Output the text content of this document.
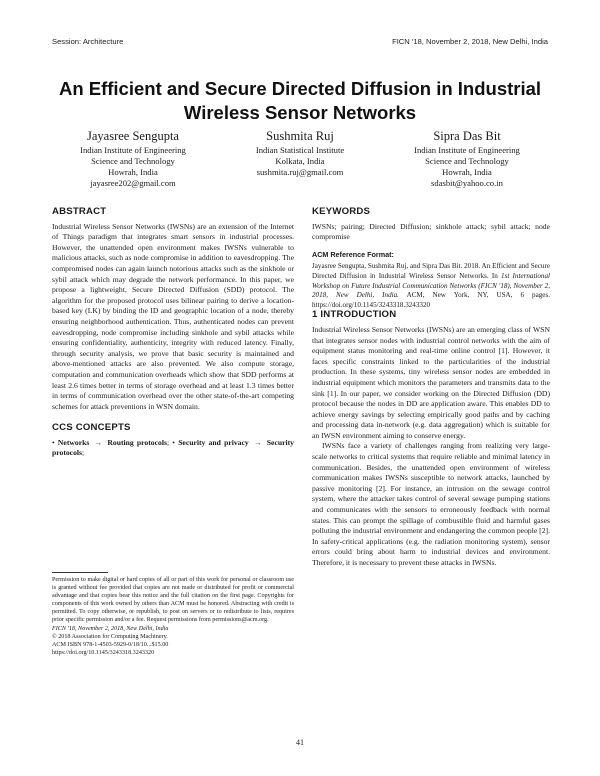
Session: Architecture	FICN '18, November 2, 2018, New Delhi, India
An Efficient and Secure Directed Diffusion in Industrial Wireless Sensor Networks
Jayasree Sengupta
Indian Institute of Engineering
Science and Technology
Howrah, India
jayasree202@gmail.com
Sushmita Ruj
Indian Statistical Institute
Kolkata, India
sushmita.ruj@gmail.com
Sipra Das Bit
Indian Institute of Engineering
Science and Technology
Howrah, India
sdasbit@yahoo.co.in
ABSTRACT

Industrial Wireless Sensor Networks (IWSNs) are an extension of the Internet of Things paradigm that integrates smart sensors in industrial processes. However, the unattended open environment makes IWSNs vulnerable to malicious attacks, such as node compromise in addition to eavesdropping. The compromised nodes can again launch notorious attacks such as the sinkhole or sybil attack which may degrade the network performance. In this paper, we propose a lightweight, Secure Directed Diffusion (SDD) protocol. The algorithm for the proposed protocol uses bilinear pairing to derive a location-based key (LK) by binding the ID and geographic location of a node, thereby ensuring neighborhood authentication. Thus, authenticated nodes can prevent eavesdropping, node compromise including sinkhole and sybil attacks while ensuring confidentiality, authenticity, integrity with reduced latency. Finally, through security analysis, we prove that basic security is maintained and above-mentioned attacks are also prevented. We also compute storage, computation and communication overheads which show that SDD performs at least 2.6 times better in terms of storage overhead and at least 1.3 times better in terms of communication overhead over the other state-of-the-art competing schemes for attack preventions in WSN domain.

CCS CONCEPTS

• Networks → Routing protocols; • Security and privacy → Security protocols;

Permission to make digital or hard copies of all or part of this work for personal or classroom use is granted without fee provided that copies are not made or distributed for profit or commercial advantage and that copies bear this notice and the full citation on the first page. Copyrights for components of this work owned by others than ACM must be honored. Abstracting with credit is permitted. To copy otherwise, or republish, to post on servers or to redistribute to lists, requires prior specific permission and/or a fee. Request permissions from permissions@acm.org.

FICN '18, November 2, 2018, New Delhi, India

© 2018 Association for Computing Machinery.

ACM ISBN 978-1-4503-5929-0/18/10...$15.00

https://doi.org/10.1145/3243318.3243320

KEYWORDS

IWSNs; pairing; Directed Diffusion; sinkhole attack; sybil attack; node compromise

ACM Reference Format:

Jayasree Sengupta, Sushmita Ruj, and Sipra Das Bit. 2018. An Efficient and Secure Directed Diffusion in Industrial Wireless Sensor Networks. In 1st International Workshop on Future Industrial Communication Networks (FICN '18), November 2, 2018, New Delhi, India. ACM, New York, NY, USA, 6 pages. https://doi.org/10.1145/3243318.3243320

1 INTRODUCTION

Industrial Wireless Sensor Networks (IWSNs) are an emerging class of WSN that integrates sensor nodes with industrial control networks with the aim of equipment status monitoring and real-time online control [1]. However, it faces specific constraints linked to the particularities of the industrial production. In these systems, tiny wireless sensor nodes are embedded in industrial equipment which monitors the parameters and transmits data to the sink [1]. In our paper, we consider working on the Directed Diffusion (DD) protocol because the nodes in DD are application aware. This enables DD to achieve energy savings by selecting empirically good paths and by caching and processing data in-network (e.g. data aggregation) which is suitable for an IWSN environment aiming to conserve energy.

IWSNs face a variety of challenges ranging from realizing very large-scale networks to critical systems that require reliable and minimal latency in communication. Besides, the unattended open environment of wireless communication makes IWSNs susceptible to network attacks, launched by passive monitoring [2]. For instance, an intrusion on the sewage control system, where the attacker takes control of several sewage pumping stations and communicates with the sensors to erroneously feedback with normal states. This can prompt the spillage of combustible fluid and harmful gases polluting the industrial environment and endangering the common people [2]. In safety-critical applications (e.g. the radiation monitoring system), sensor errors could bring about harm to industrial devices and environment. Therefore, it is necessary to prevent these attacks in IWSNs.

41
